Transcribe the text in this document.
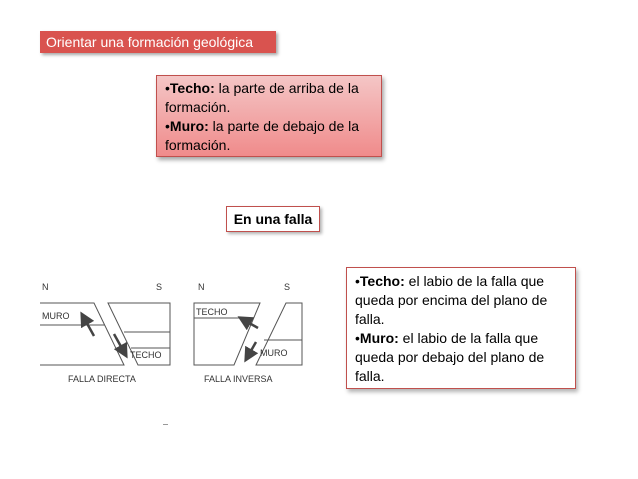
Orientar una formación geológica
•Techo: la parte de arriba de la formación.
•Muro: la parte de debajo de la formación.
En una falla
•Techo: el labio de la falla que queda por encima del plano de falla.
•Muro: el labio de la falla que queda por debajo del plano de falla.
N	S
MURO
TECHO
FALLA DIRECTA
N	S
TECHO
MURO
FALLA INVERSA
